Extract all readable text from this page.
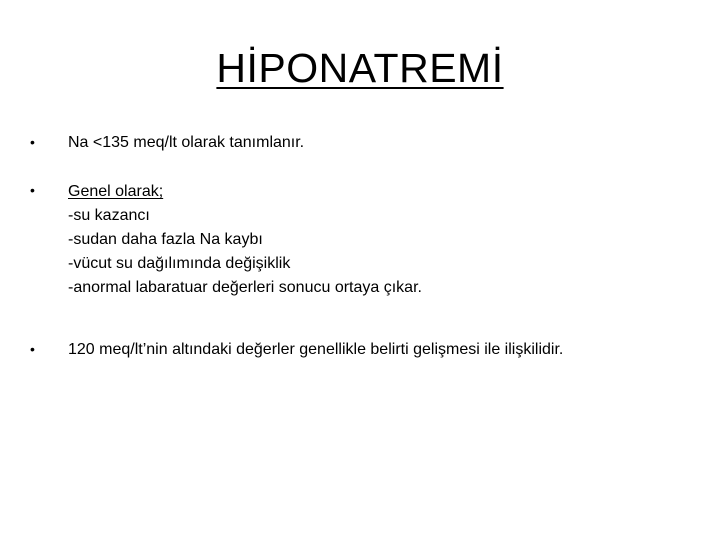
HİPONATREMİ
• Na <135 meq/lt olarak tanımlanır.
• Genel olarak;
-su kazancı
-sudan daha fazla Na kaybı
-vücut su dağılımında değişiklik
-anormal labaratuar değerleri sonucu ortaya çıkar.
• 120 meq/lt’nin altındaki değerler genellikle belirti gelişmesi ile ilişkilidir.
